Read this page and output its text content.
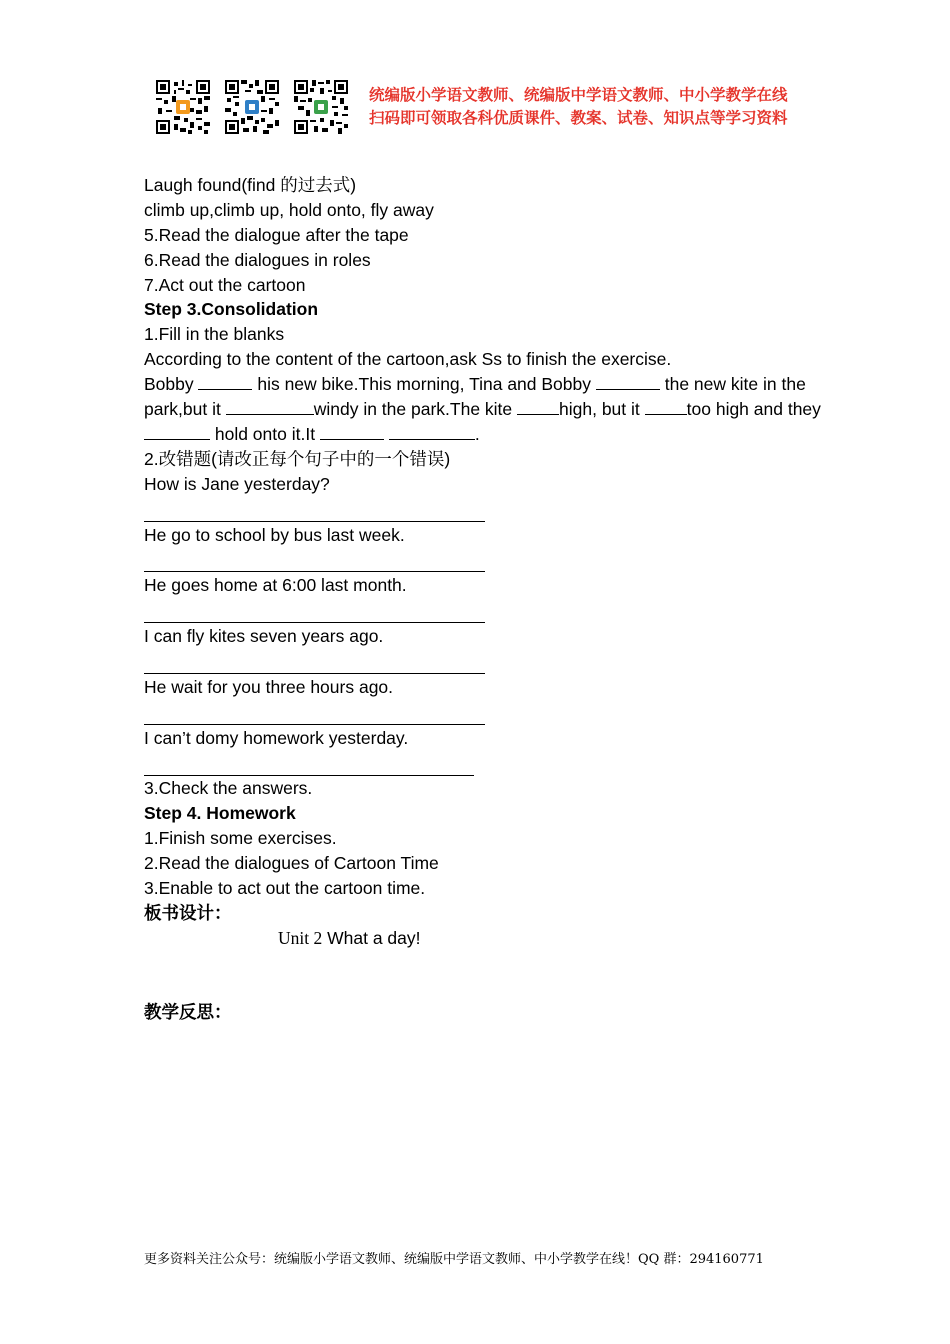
统编版小学语文教师、统编版中学语文教师、中小学教学在线
扫码即可领取各科优质课件、教案、试卷、知识点等学习资料
Laugh found(find 的过去式)
climb up,climb up, hold onto, fly away
5.Read the dialogue after the tape
6.Read the dialogues in roles
7.Act out the cartoon
Step 3.Consolidation
1.Fill in the blanks
According to the content of the cartoon,ask Ss to finish the exercise.
Bobby	his new bike.This morning, Tina and Bobby	the new kite in the park,but it	windy in the park.The kite high, but it too high and they  hold onto it.It	.
2.改错题(请改正每个句子中的一个错误)
How is Jane yesterday?
He go to school by bus last week.
He goes home at 6:00 last month.
I can fly kites seven years ago.
He wait for you three hours ago.
I can’t domy homework yesterday.
3.Check the answers.
Step 4. Homework
1.Finish some exercises.
2.Read the dialogues of Cartoon Time
3.Enable to act out the cartoon time.
板书设计：
Unit 2 What a day!
教学反思：
更多资料关注公众号：统编版小学语文教师、统编版中学语文教师、中小学教学在线！QQ 群：294160771
